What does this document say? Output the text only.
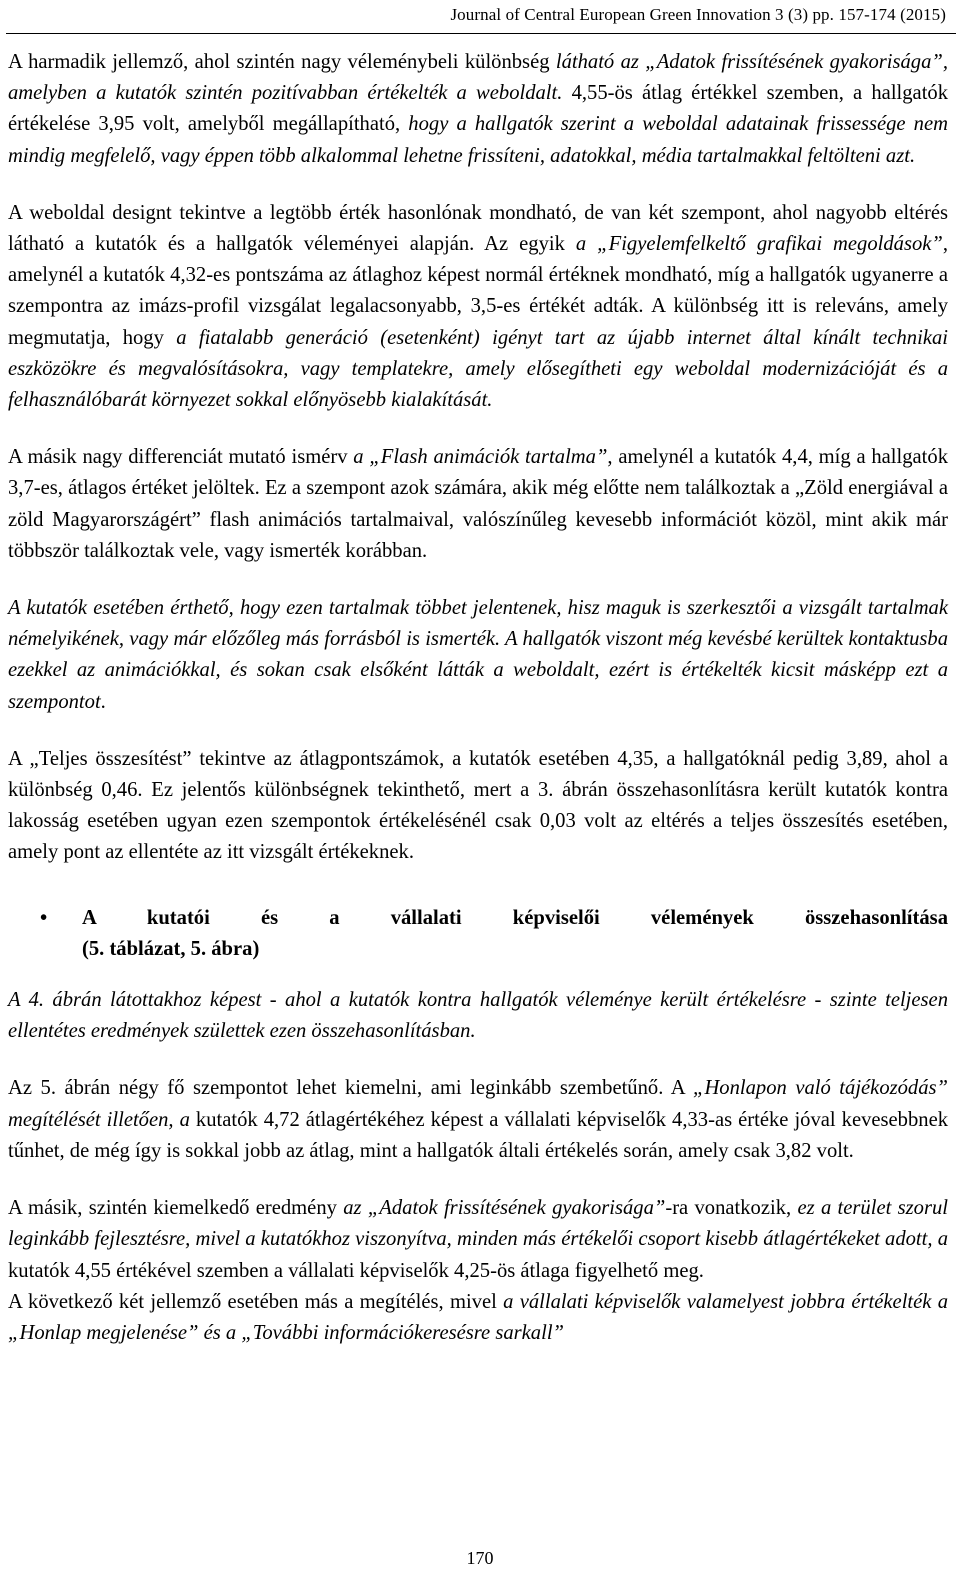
Journal of Central European Green Innovation 3 (3) pp. 157-174 (2015)

A harmadik jellemző, ahol szintén nagy véleménybeli különbség látható az „Adatok frissítésének gyakorisága”, amelyben a kutatók szintén pozitívabban értékelték a weboldalt. 4,55-ös átlag értékkel szemben, a hallgatók értékelése 3,95 volt, amelyből megállapítható, hogy a hallgatók szerint a weboldal adatainak frissessége nem mindig megfelelő, vagy éppen több alkalommal lehetne frissíteni, adatokkal, média tartalmakkal feltölteni azt.

A weboldal designt tekintve a legtöbb érték hasonlónak mondható, de van két szempont, ahol nagyobb eltérés látható a kutatók és a hallgatók véleményei alapján. Az egyik a „Figyelemfelkeltő grafikai megoldások”, amelynél a kutatók 4,32-es pontszáma az átlaghoz képest normál értéknek mondható, míg a hallgatók ugyanerre a szempontra az imázs-profil vizsgálat legalacsonyabb, 3,5-es értékét adták. A különbség itt is releváns, amely megmutatja, hogy a fiatalabb generáció (esetenként) igényt tart az újabb internet által kínált technikai eszközökre és megvalósításokra, vagy templatekre, amely elősegítheti egy weboldal modernizációját és a felhasználóbarát környezet sokkal előnyösebb kialakítását.

A másik nagy differenciát mutató ismérv a „Flash animációk tartalma”, amelynél a kutatók 4,4, míg a hallgatók 3,7-es, átlagos értéket jelöltek. Ez a szempont azok számára, akik még előtte nem találkoztak a „Zöld energiával a zöld Magyarországért” flash animációs tartalmaival, valószínűleg kevesebb információt közöl, mint akik már többször találkoztak vele, vagy ismerték korábban.

A kutatók esetében érthető, hogy ezen tartalmak többet jelentenek, hisz maguk is szerkesztői a vizsgált tartalmak némelyikének, vagy már előzőleg más forrásból is ismerték. A hallgatók viszont még kevésbé kerültek kontaktusba ezekkel az animációkkal, és sokan csak elsőként látták a weboldalt, ezért is értékelték kicsit másképp ezt a szempontot.

A „Teljes összesítést” tekintve az átlagpontszámok, a kutatók esetében 4,35, a hallgatóknál pedig 3,89, ahol a különbség 0,46. Ez jelentős különbségnek tekinthető, mert a 3. ábrán összehasonlításra került kutatók kontra lakosság esetében ugyan ezen szempontok értékelésénél csak 0,03 volt az eltérés a teljes összesítés esetében, amely pont az ellentéte az itt vizsgált értékeknek.

•	A kutatói és a vállalati képviselői vélemények összehasonlítása
(5. táblázat, 5. ábra)

A 4. ábrán látottakhoz képest - ahol a kutatók kontra hallgatók véleménye került értékelésre - szinte teljesen ellentétes eredmények születtek ezen összehasonlításban.

Az 5. ábrán négy fő szempontot lehet kiemelni, ami leginkább szembetűnő. A „Honlapon való tájékozódás” megítélését illetően, a kutatók 4,72 átlagértékéhez képest a vállalati képviselők 4,33-as értéke jóval kevesebbnek tűnhet, de még így is sokkal jobb az átlag, mint a hallgatók általi értékelés során, amely csak 3,82 volt.

A másik, szintén kiemelkedő eredmény az „Adatok frissítésének gyakorisága”-ra vonatkozik, ez a terület szorul leginkább fejlesztésre, mivel a kutatókhoz viszonyítva, minden más értékelői csoport kisebb átlagértékeket adott, a kutatók 4,55 értékével szemben a vállalati képviselők 4,25-ös átlaga figyelhető meg.

A következő két jellemző esetében más a megítélés, mivel a vállalati képviselők valamelyest jobbra értékelték a „Honlap megjelenése” és a „További információkeresésre sarkall”

170
